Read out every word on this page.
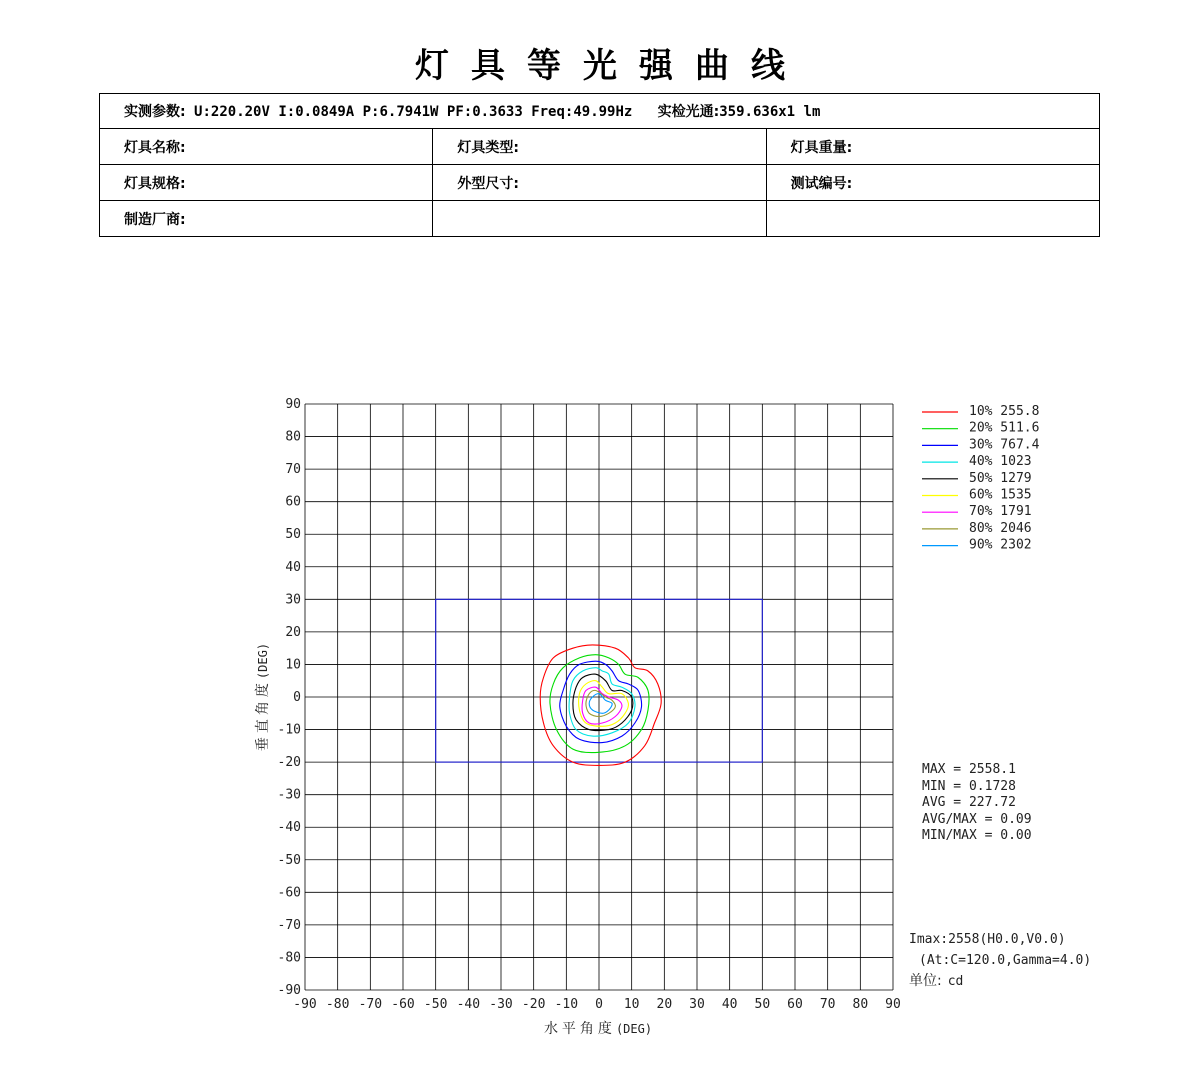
灯具等光强曲线
实测参数: U:220.20V I:0.0849A P:6.7941W PF:0.3633 Freq:49.99Hz 实检光通:359.636x1 lm		
灯具名称:	灯具类型:	灯具重量:
灯具规格:	外型尺寸:	测试编号:
制造厂商:		
-90 -80 -70 -60 -50 -40 -30 -20 -10 0 10 20 30 40 50 60 70 80 90
90
80
70
60
50
40
30
20
10
0
-10
-20
-30
-40
-50
-60
-70
-80
-90
水平角度(DEG)
垂直角度(DEG)
10% 255.8
20% 511.6
30% 767.4
40% 1023
50% 1279
60% 1535
70% 1791
80% 2046
90% 2302
MAX = 2558.1
MIN = 0.1728
AVG = 227.72
AVG/MAX = 0.09
MIN/MAX = 0.00
Imax:2558(H0.0,V0.0)
(At:C=120.0,Gamma=4.0)
单位: cd
